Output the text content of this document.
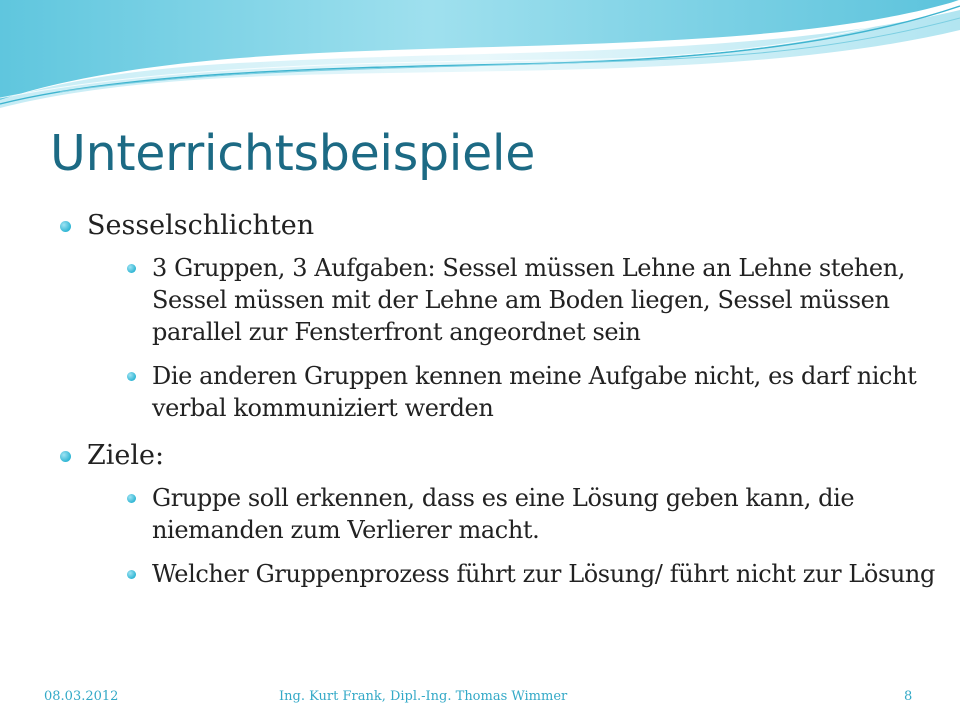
Unterrichtsbeispiele
Sesselschlichten
3 Gruppen, 3 Aufgaben: Sessel müssen Lehne an Lehne stehen, Sessel müssen mit der Lehne am Boden liegen, Sessel müssen parallel zur Fensterfront angeordnet sein
Die anderen Gruppen kennen meine Aufgabe nicht, es darf nicht verbal kommuniziert werden
Ziele:
Gruppe soll erkennen, dass es eine Lösung geben kann, die niemanden zum Verlierer macht.
Welcher Gruppenprozess führt zur Lösung/ führt nicht zur Lösung
08.03.2012	Ing. Kurt Frank, Dipl.-Ing. Thomas Wimmer	8
